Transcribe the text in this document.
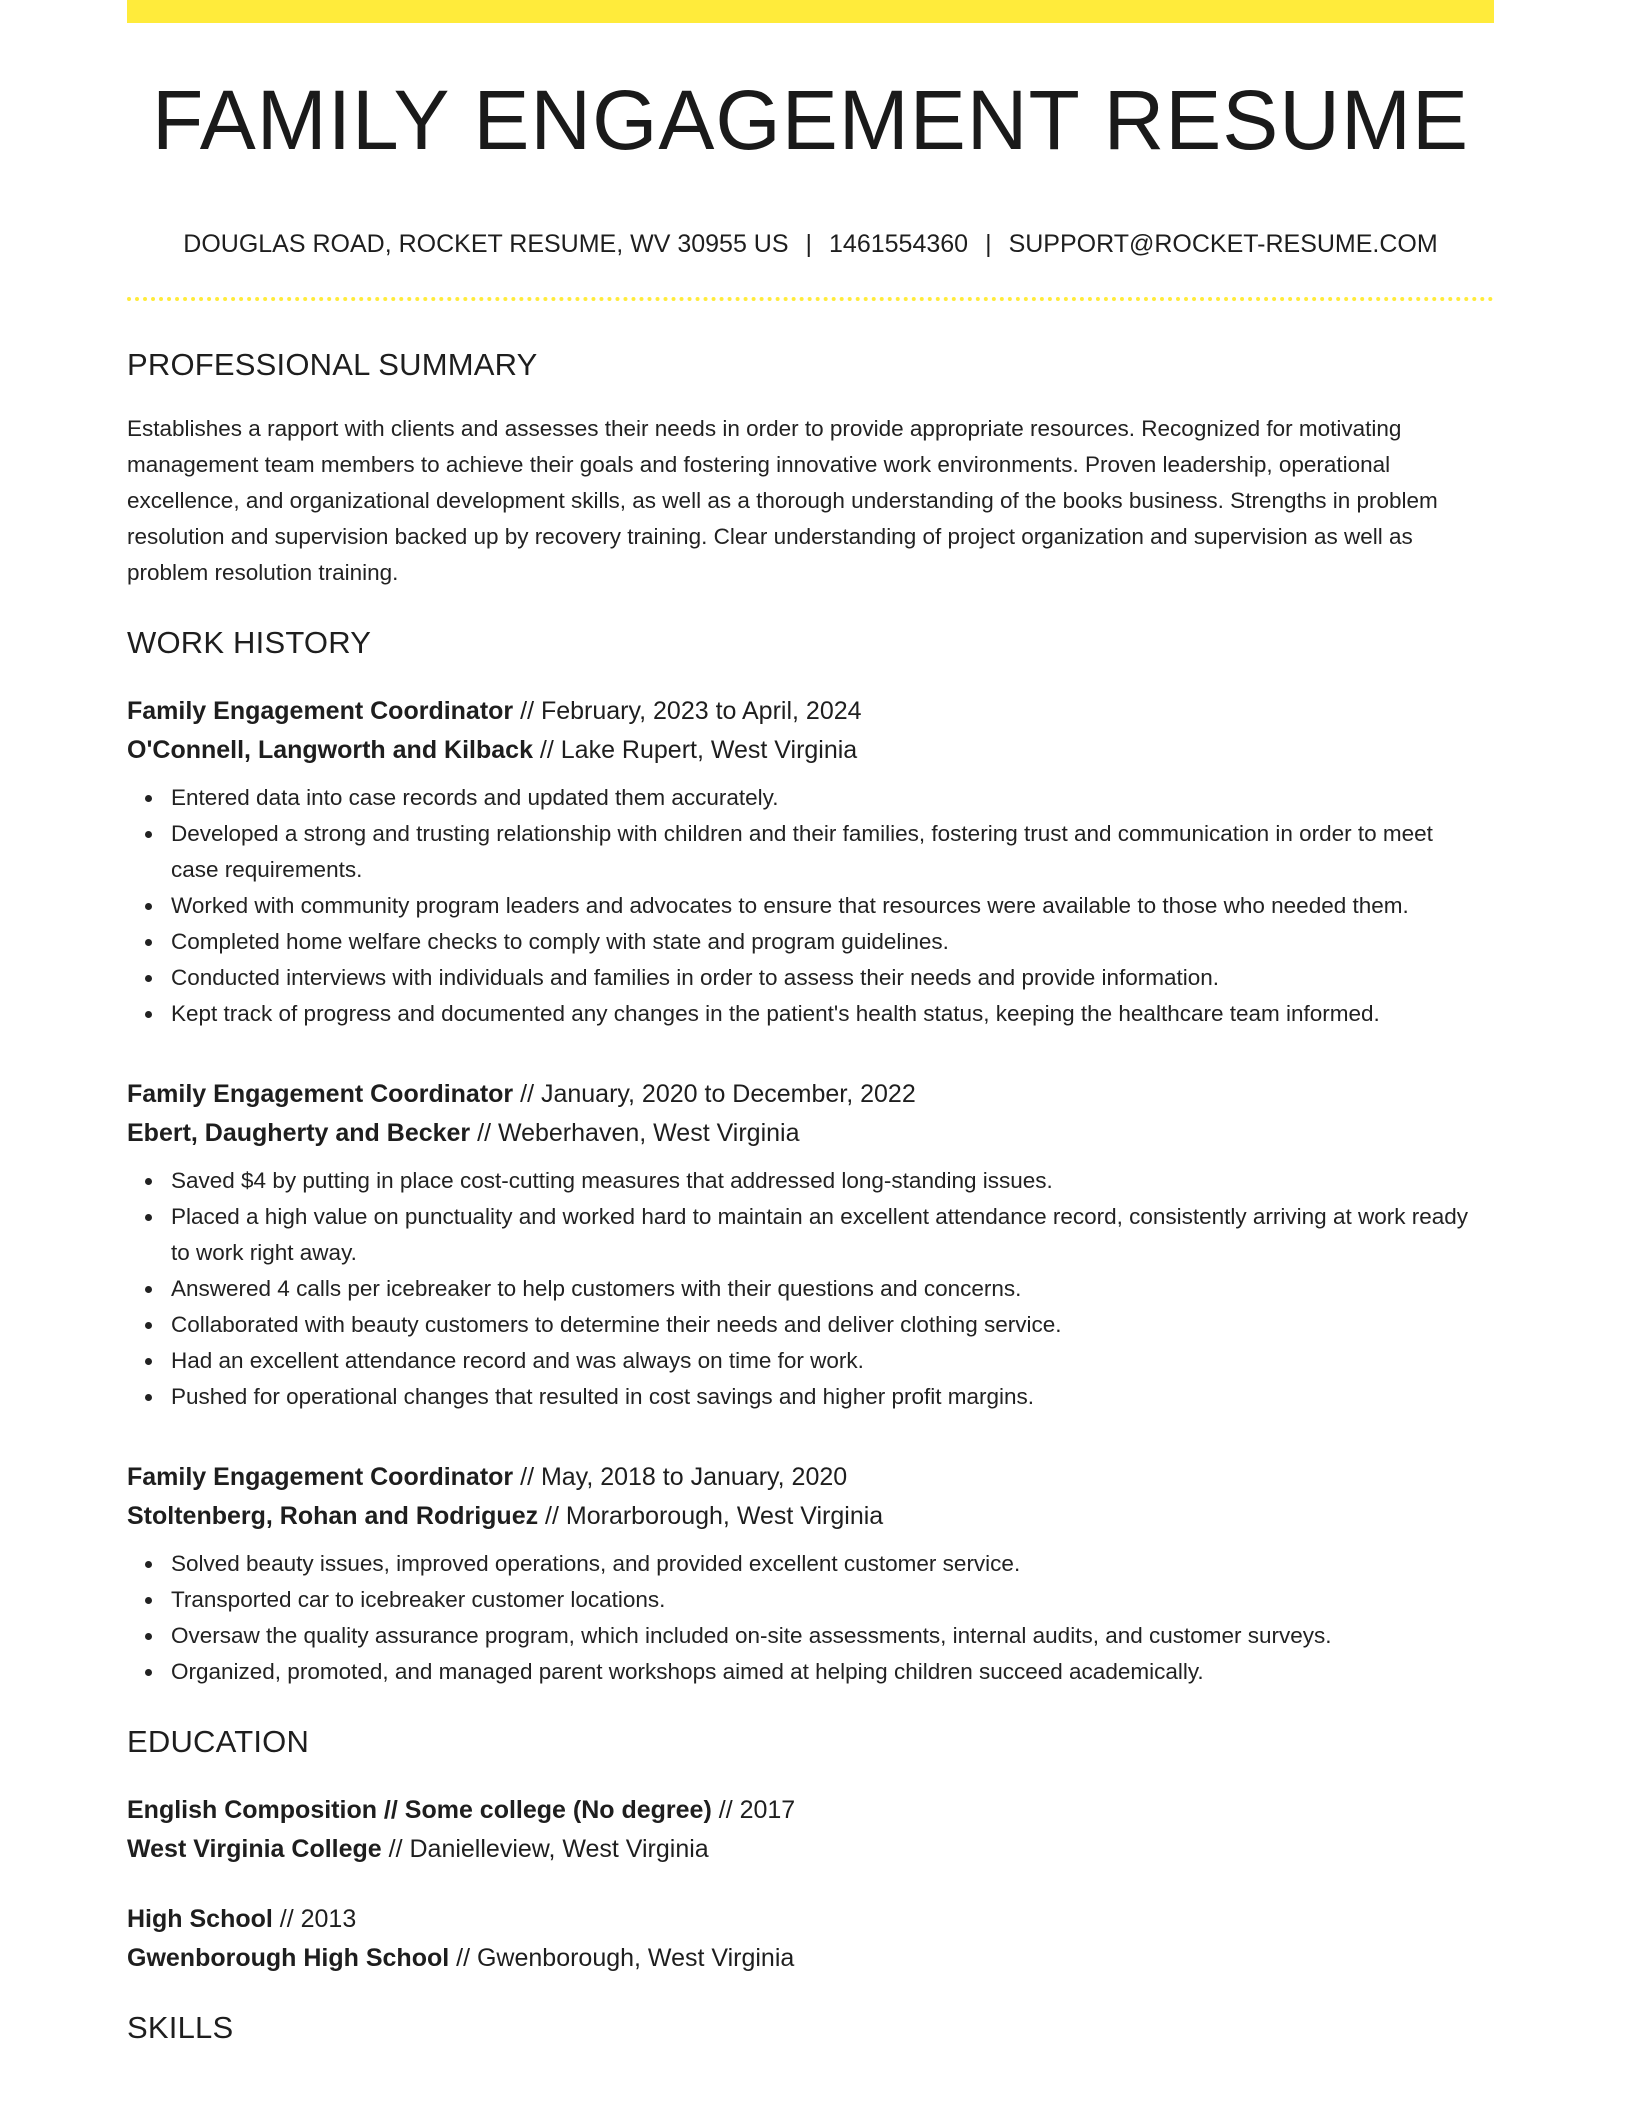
FAMILY ENGAGEMENT RESUME
DOUGLAS ROAD, ROCKET RESUME, WV 30955 US | 1461554360 | SUPPORT@ROCKET-RESUME.COM
PROFESSIONAL SUMMARY

Establishes a rapport with clients and assesses their needs in order to provide appropriate resources. Recognized for motivating management team members to achieve their goals and fostering innovative work environments. Proven leadership, operational excellence, and organizational development skills, as well as a thorough understanding of the books business. Strengths in problem resolution and supervision backed up by recovery training. Clear understanding of project organization and supervision as well as problem resolution training.

WORK HISTORY
Family Engagement Coordinator // February, 2023 to April, 2024
O'Connell, Langworth and Kilback // Lake Rupert, West Virginia
Entered data into case records and updated them accurately.
Developed a strong and trusting relationship with children and their families, fostering trust and communication in order to meet case requirements.
Worked with community program leaders and advocates to ensure that resources were available to those who needed them.
Completed home welfare checks to comply with state and program guidelines.
Conducted interviews with individuals and families in order to assess their needs and provide information.
Kept track of progress and documented any changes in the patient's health status, keeping the healthcare team informed.
Family Engagement Coordinator // January, 2020 to December, 2022
Ebert, Daugherty and Becker // Weberhaven, West Virginia
Saved $4 by putting in place cost-cutting measures that addressed long-standing issues.
Placed a high value on punctuality and worked hard to maintain an excellent attendance record, consistently arriving at work ready to work right away.
Answered 4 calls per icebreaker to help customers with their questions and concerns.
Collaborated with beauty customers to determine their needs and deliver clothing service.
Had an excellent attendance record and was always on time for work.
Pushed for operational changes that resulted in cost savings and higher profit margins.
Family Engagement Coordinator // May, 2018 to January, 2020
Stoltenberg, Rohan and Rodriguez // Morarborough, West Virginia
Solved beauty issues, improved operations, and provided excellent customer service.
Transported car to icebreaker customer locations.
Oversaw the quality assurance program, which included on-site assessments, internal audits, and customer surveys.
Organized, promoted, and managed parent workshops aimed at helping children succeed academically.
EDUCATION
English Composition // Some college (No degree) // 2017
West Virginia College // Danielleview, West Virginia
High School // 2013
Gwenborough High School // Gwenborough, West Virginia
SKILLS
